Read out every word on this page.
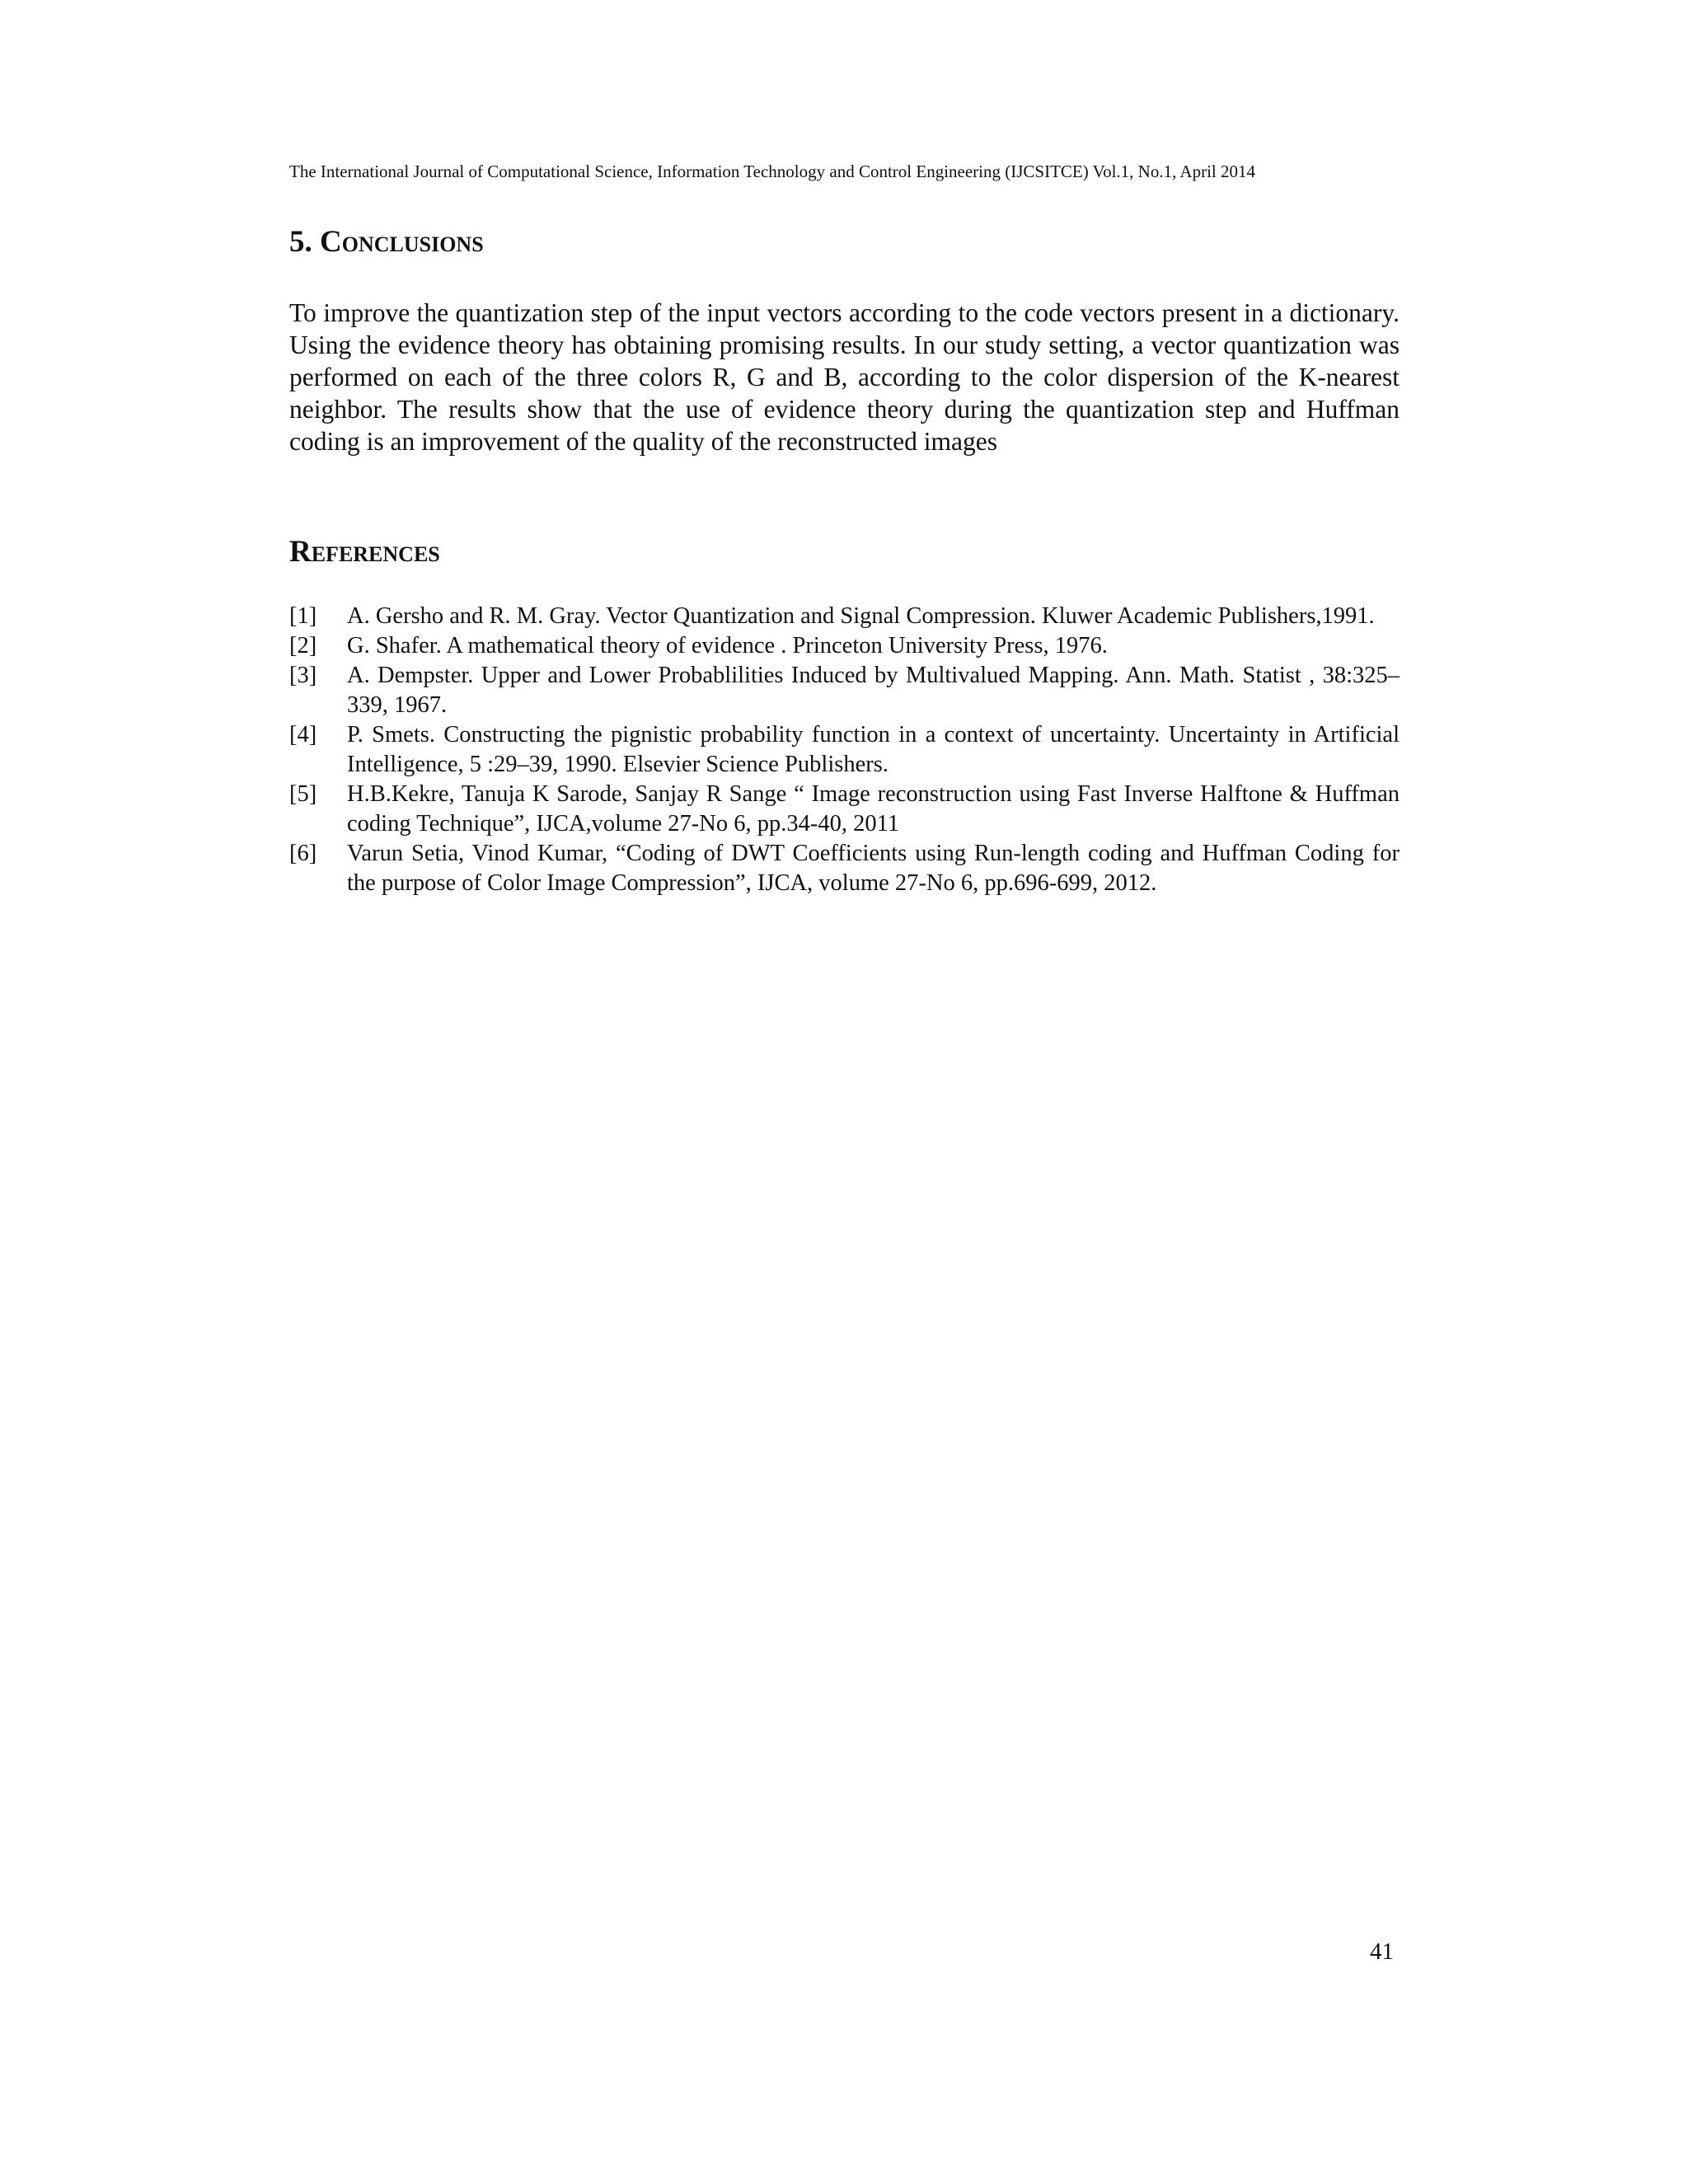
The International Journal of Computational Science, Information Technology and Control Engineering (IJCSITCE) Vol.1, No.1, April 2014
5. Conclusions

To improve the quantization step of the input vectors according to the code vectors present in a dictionary. Using the evidence theory has obtaining promising results. In our study setting, a vector quantization was performed on each of the three colors R, G and B, according to the color dispersion of the K-nearest neighbor. The results show that the use of evidence theory during the quantization step and Huffman coding is an improvement of the quality of the reconstructed images

References
[1]	A. Gersho and R. M. Gray. Vector Quantization and Signal Compression. Kluwer Academic Publishers,1991.
[2]	G. Shafer. A mathematical theory of evidence . Princeton University Press, 1976.
[3]	A. Dempster. Upper and Lower Probablilities Induced by Multivalued Mapping. Ann. Math. Statist , 38:325– 339, 1967.
[4]	P. Smets. Constructing the pignistic probability function in a context of uncertainty. Uncertainty in Artificial Intelligence, 5 :29–39, 1990. Elsevier Science Publishers.
[5]	H.B.Kekre, Tanuja K Sarode, Sanjay R Sange “ Image reconstruction using Fast Inverse Halftone & Huffman coding Technique”, IJCA,volume 27-No 6, pp.34-40, 2011
[6]	Varun Setia, Vinod Kumar, “Coding of DWT Coefficients using Run-length coding and Huffman Coding for the purpose of Color Image Compression”, IJCA, volume 27-No 6, pp.696-699, 2012.
41
